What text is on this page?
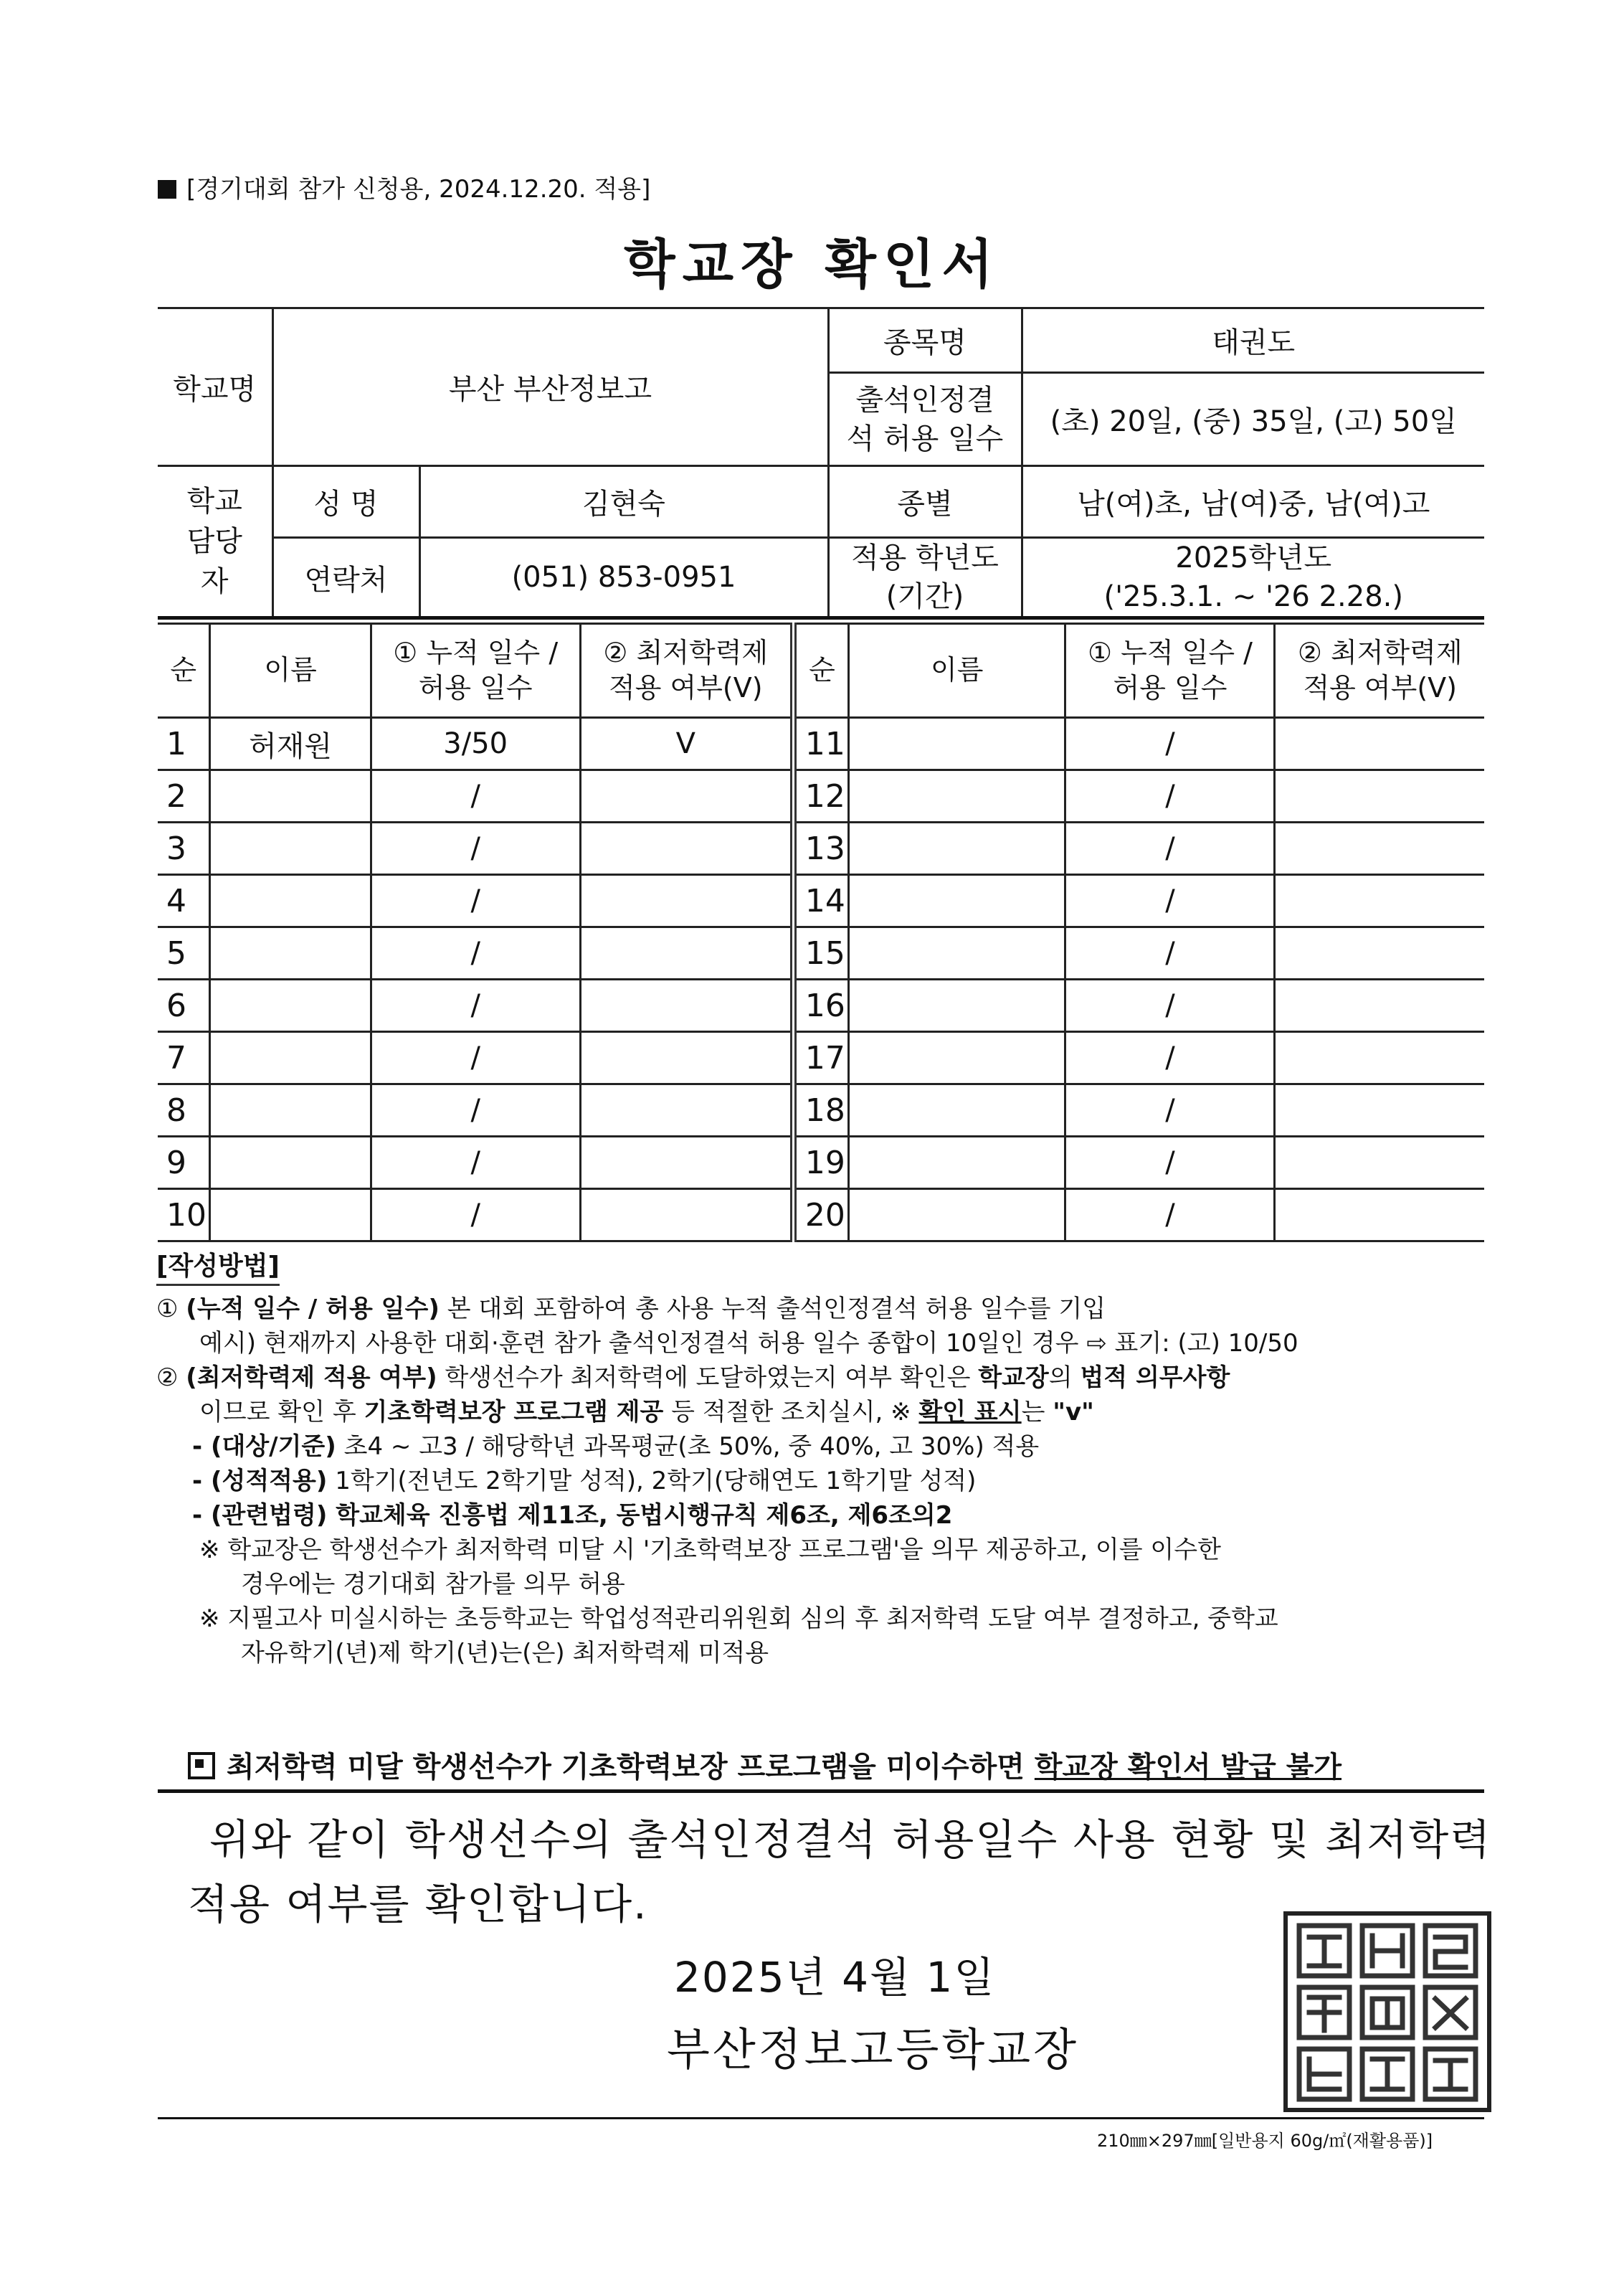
[경기대회 참가 신청용, 2024.12.20. 적용]
학교장 확인서
학교명	부산 부산정보고		종목명	태권도
			출석인정결석 허용 일수	(초) 20일, (중) 35일, (고) 50일
학교 담당자	성 명	김현숙	종별	남(여)초, 남(여)중, 남(여)고
	연락처	(051) 853-0951	적용 학년도 (기간)	2025학년도
('25.3.1. ~ '26 2.28.)
순	이름	① 누적 일수 / 허용 일수	② 최저학력제 적용 여부(V)	순	이름	① 누적 일수 / 허용 일수	② 최저학력제 적용 여부(V)
1	허재원	3/50	V	11		/	
2		/		12		/	
3		/		13		/	
4		/		14		/	
5		/		15		/	
6		/		16		/	
7		/		17		/	
8		/		18		/	
9		/		19		/	
10		/		20		/	

[작성방법]

① (누적 일수 / 허용 일수) 본 대회 포함하여 총 사용 누적 출석인정결석 허용 일수를 기입

예시) 현재까지 사용한 대회·훈련 참가 출석인정결석 허용 일수 종합이 10일인 경우 ⇨ 표기: (고) 10/50

② (최저학력제 적용 여부) 학생선수가 최저학력에 도달하였는지 여부 확인은 학교장의 법적 의무사항

이므로 확인 후 기초학력보장 프로그램 제공 등 적절한 조치실시, ※ 확인 표시는 "v"

- (대상/기준) 초4 ~ 고3 / 해당학년 과목평균(초 50%, 중 40%, 고 30%) 적용

- (성적적용) 1학기(전년도 2학기말 성적), 2학기(당해연도 1학기말 성적)

- (관련법령) 학교체육 진흥법 제11조, 동법시행규칙 제6조, 제6조의2

※ 학교장은 학생선수가 최저학력 미달 시 '기초학력보장 프로그램'을 의무 제공하고, 이를 이수한

경우에는 경기대회 참가를 의무 허용

※ 지필고사 미실시하는 초등학교는 학업성적관리위원회 심의 후 최저학력 도달 여부 결정하고, 중학교

자유학기(년)제 학기(년)는(은) 최저학력제 미적용

최저학력 미달 학생선수가 기초학력보장 프로그램을 미이수하면 학교장 확인서 발급 불가
위와 같이 학생선수의 출석인정결석 허용일수 사용 현황 및 최저학력
적용 여부를 확인합니다.
2025년 4월 1일
부산정보고등학교장
210㎜×297㎜[일반용지 60g/㎡(재활용품)]
